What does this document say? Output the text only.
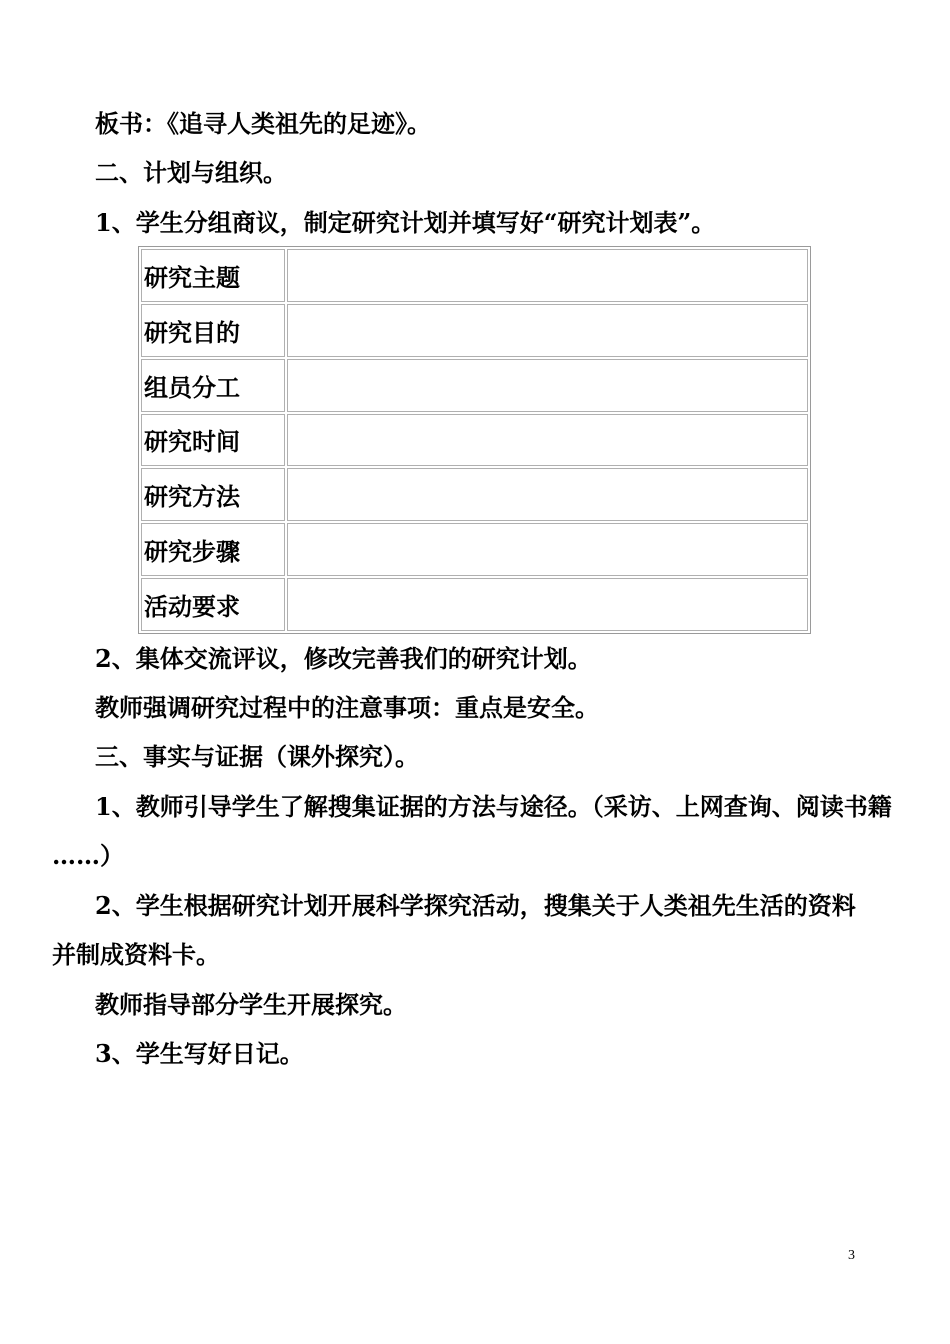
板书：《追寻人类祖先的足迹》。
二、计划与组织。
1、学生分组商议，制定研究计划并填写好“研究计划表”。
研究主题	
研究目的	
组员分工	
研究时间	
研究方法	
研究步骤	
活动要求	
2、集体交流评议，修改完善我们的研究计划。
教师强调研究过程中的注意事项：重点是安全。
三、事实与证据（课外探究）。
1、教师引导学生了解搜集证据的方法与途径。（采访、上网查询、阅读书籍
……）
2、学生根据研究计划开展科学探究活动，搜集关于人类祖先生活的资料
并制成资料卡。
教师指导部分学生开展探究。
3、学生写好日记。
3
